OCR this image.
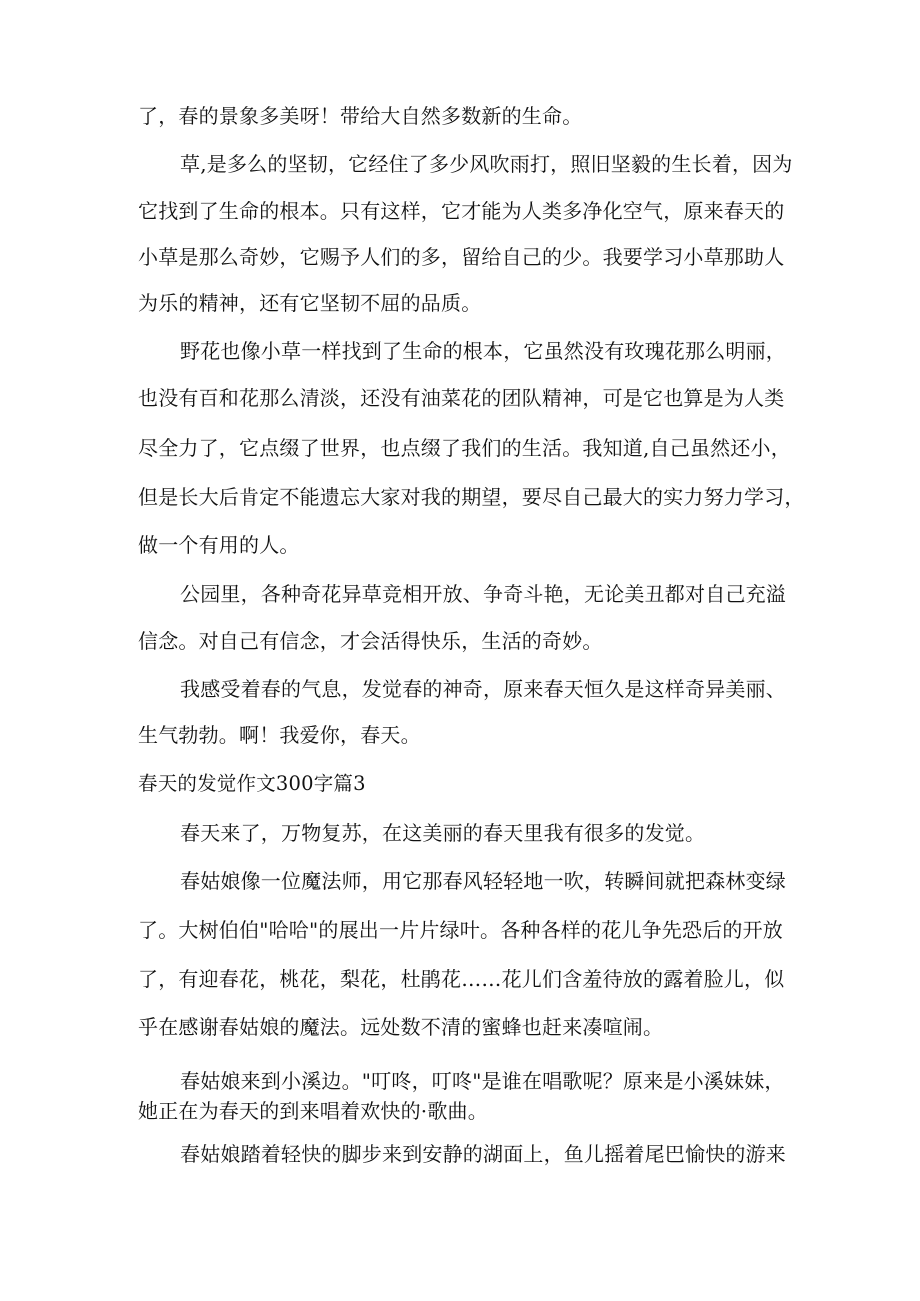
了，春的景象多美呀！带给大自然多数新的生命。
草,是多么的坚韧，它经住了多少风吹雨打，照旧坚毅的生长着，因为
它找到了生命的根本。只有这样，它才能为人类多净化空气，原来春天的
小草是那么奇妙，它赐予人们的多，留给自己的少。我要学习小草那助人
为乐的精神，还有它坚韧不屈的品质。
野花也像小草一样找到了生命的根本，它虽然没有玫瑰花那么明丽，
也没有百和花那么清淡，还没有油菜花的团队精神，可是它也算是为人类
尽全力了，它点缀了世界，也点缀了我们的生活。我知道,自己虽然还小，
但是长大后肯定不能遗忘大家对我的期望，要尽自己最大的实力努力学习，
做一个有用的人。
公园里，各种奇花异草竞相开放、争奇斗艳，无论美丑都对自己充溢
信念。对自己有信念，才会活得快乐，生活的奇妙。
我感受着春的气息，发觉春的神奇，原来春天恒久是这样奇异美丽、
生气勃勃。啊！我爱你，春天。
春天的发觉作文300字篇3
春天来了，万物复苏，在这美丽的春天里我有很多的发觉。
春姑娘像一位魔法师，用它那春风轻轻地一吹，转瞬间就把森林变绿
了。大树伯伯"哈哈"的展出一片片绿叶。各种各样的花儿争先恐后的开放
了，有迎春花，桃花，梨花，杜鹃花……花儿们含羞待放的露着脸儿，似
乎在感谢春姑娘的魔法。远处数不清的蜜蜂也赶来凑喧闹。
春姑娘来到小溪边。"叮咚，叮咚"是谁在唱歌呢？原来是小溪妹妹，
她正在为春天的到来唱着欢快的·歌曲。
春姑娘踏着轻快的脚步来到安静的湖面上，鱼儿摇着尾巴愉快的游来
